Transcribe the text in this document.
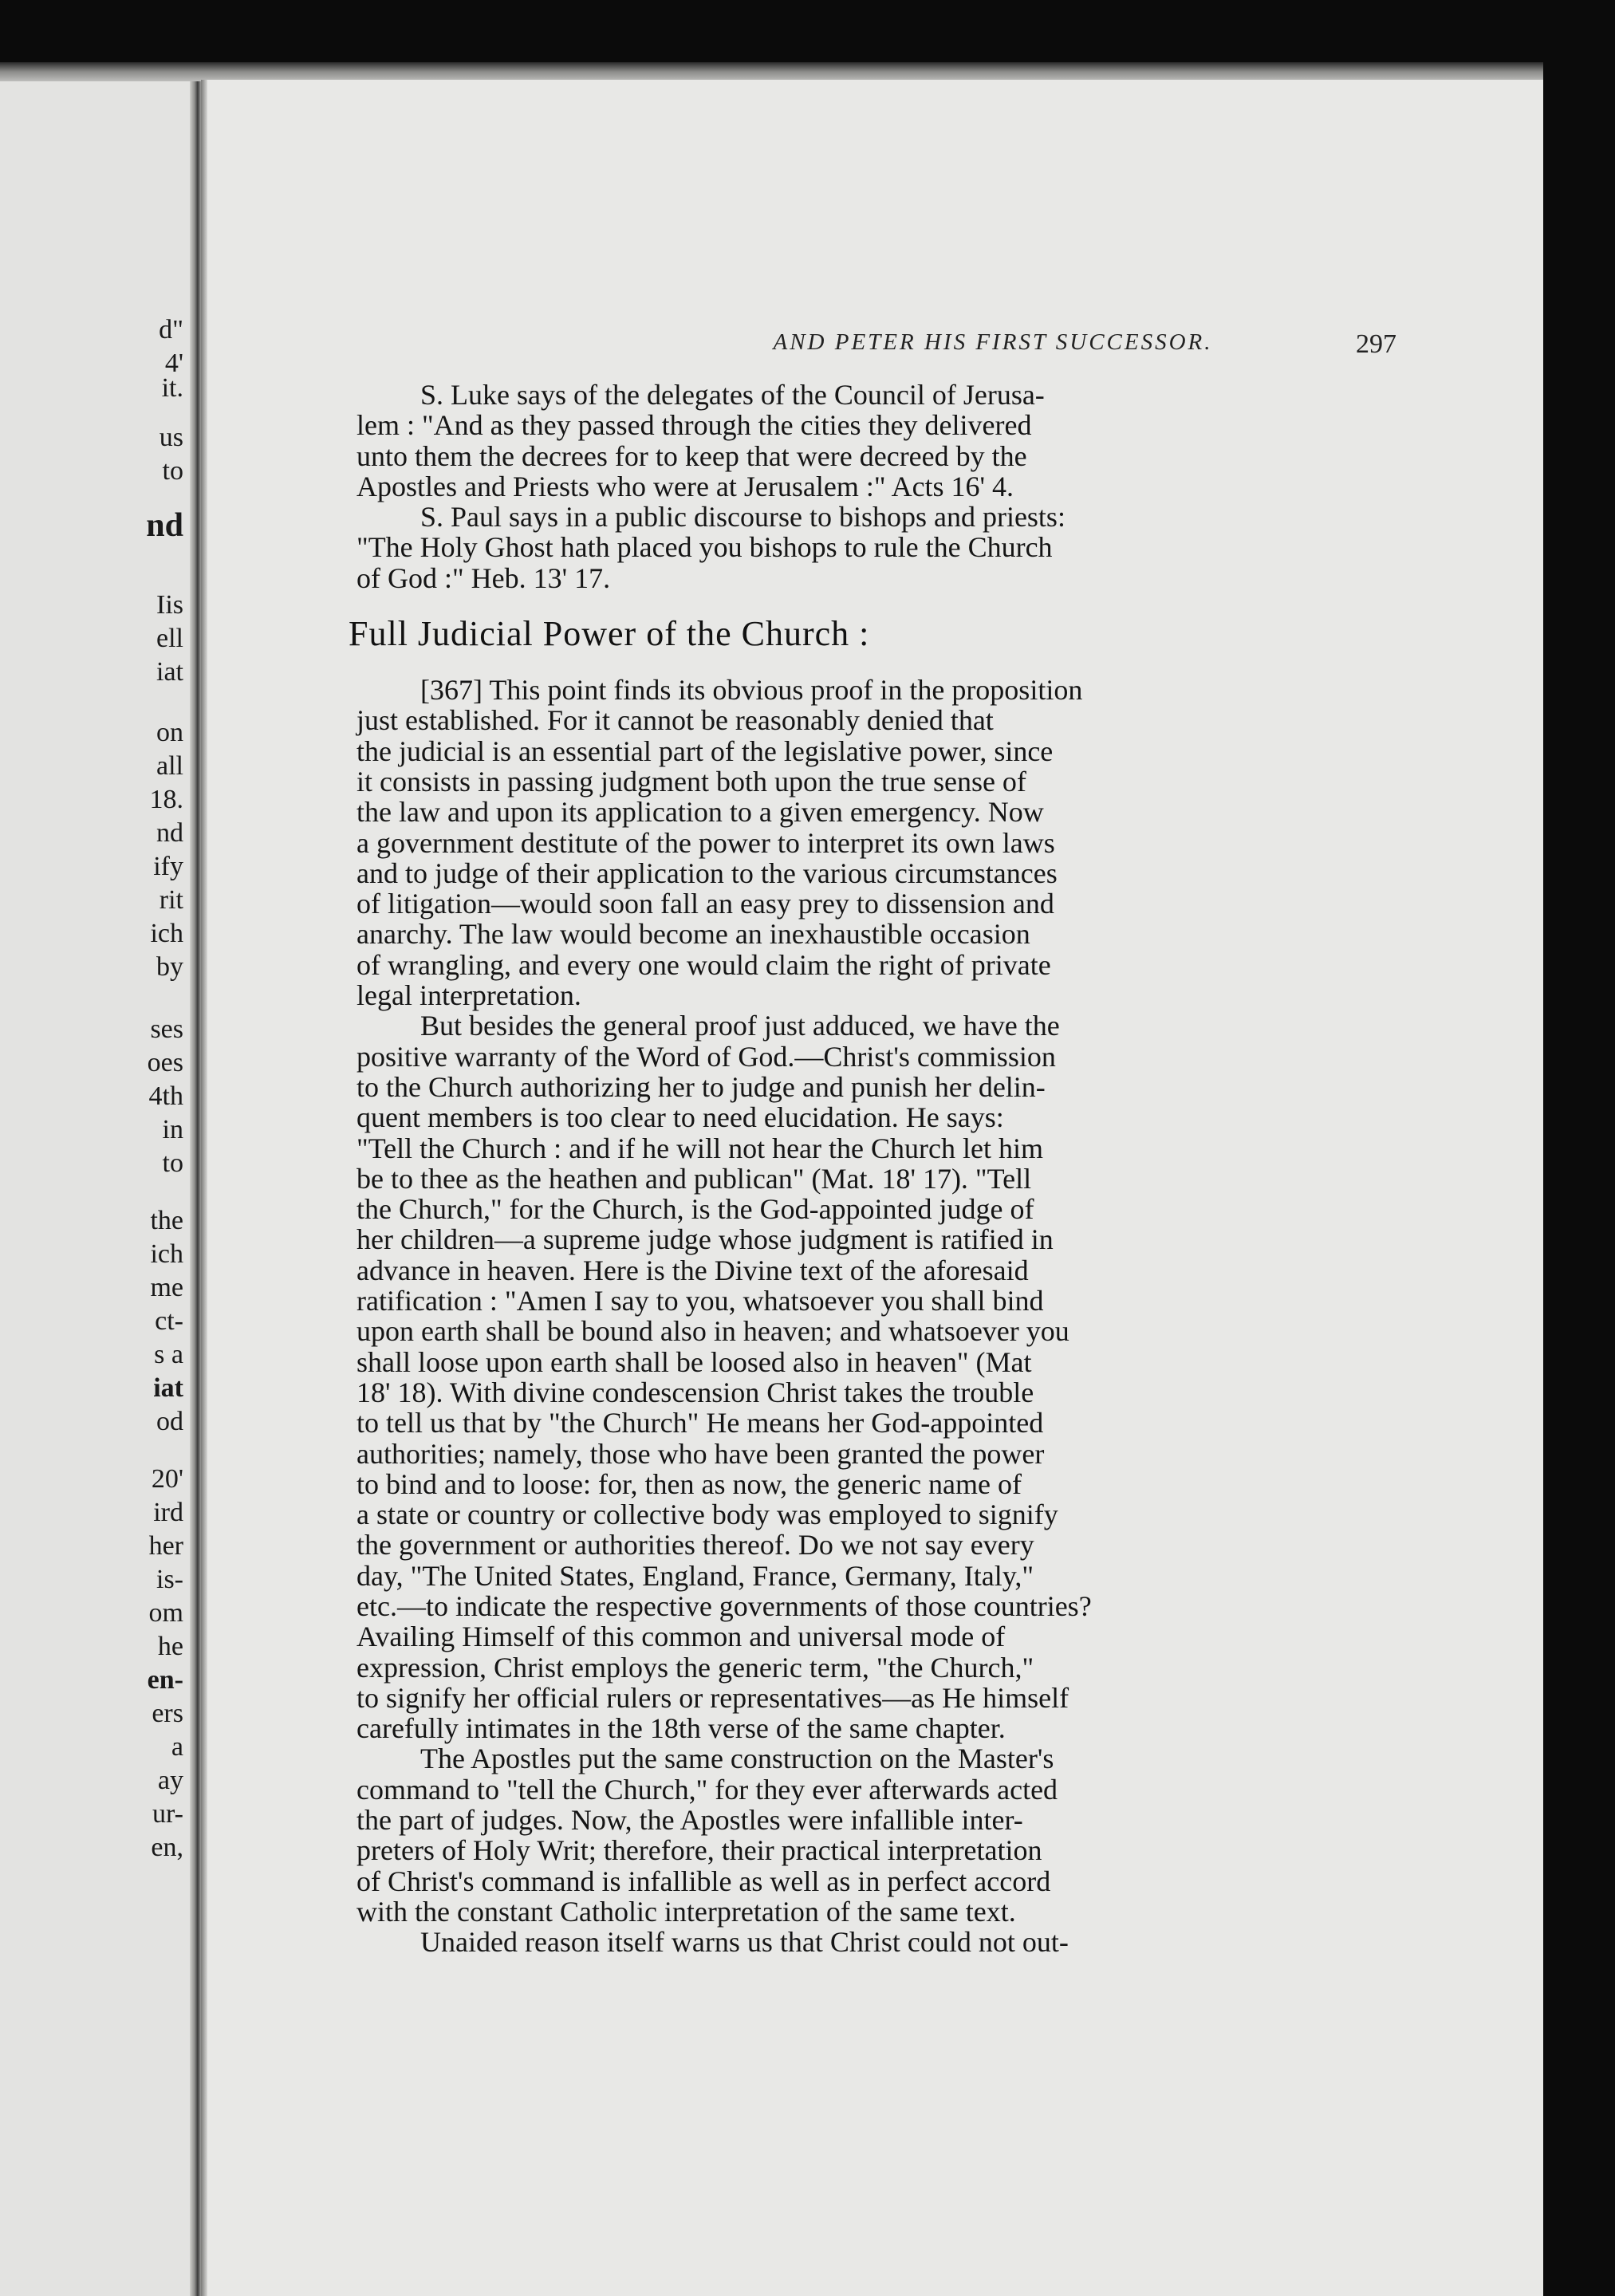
d"
4'
it.
us
to
nd
Iis
ell
iat
on
all
18.
nd
ify
rit
ich
by
ses
oes
4th
in
to
the
ich
me
ct-
s a
iat
od
20'
ird
her
is-
om
he
en-
ers
a
ay
ur-
en,
AND PETER HIS FIRST SUCCESSOR.	297
S. Luke says of the delegates of the Council of Jerusa-
lem : "And as they passed through the cities they delivered
unto them the decrees for to keep that were decreed by the
Apostles and Priests who were at Jerusalem :" Acts 16' 4.
S. Paul says in a public discourse to bishops and priests:
"The Holy Ghost hath placed you bishops to rule the Church
of God :" Heb. 13' 17.
Full Judicial Power of the Church :
[367] This point finds its obvious proof in the proposition
just established. For it cannot be reasonably denied that
the judicial is an essential part of the legislative power, since
it consists in passing judgment both upon the true sense of
the law and upon its application to a given emergency. Now
a government destitute of the power to interpret its own laws
and to judge of their application to the various circumstances
of litigation—would soon fall an easy prey to dissension and
anarchy. The law would become an inexhaustible occasion
of wrangling, and every one would claim the right of private
legal interpretation.
But besides the general proof just adduced, we have the
positive warranty of the Word of God.—Christ's commission
to the Church authorizing her to judge and punish her delin-
quent members is too clear to need elucidation. He says:
"Tell the Church : and if he will not hear the Church let him
be to thee as the heathen and publican" (Mat. 18' 17). "Tell
the Church," for the Church, is the God-appointed judge of
her children—a supreme judge whose judgment is ratified in
advance in heaven. Here is the Divine text of the aforesaid
ratification : "Amen I say to you, whatsoever you shall bind
upon earth shall be bound also in heaven; and whatsoever you
shall loose upon earth shall be loosed also in heaven" (Mat
18' 18). With divine condescension Christ takes the trouble
to tell us that by "the Church" He means her God-appointed
authorities; namely, those who have been granted the power
to bind and to loose: for, then as now, the generic name of
a state or country or collective body was employed to signify
the government or authorities thereof. Do we not say every
day, "The United States, England, France, Germany, Italy,"
etc.—to indicate the respective governments of those countries?
Availing Himself of this common and universal mode of
expression, Christ employs the generic term, "the Church,"
to signify her official rulers or representatives—as He himself
carefully intimates in the 18th verse of the same chapter.
The Apostles put the same construction on the Master's
command to "tell the Church," for they ever afterwards acted
the part of judges. Now, the Apostles were infallible inter-
preters of Holy Writ; therefore, their practical interpretation
of Christ's command is infallible as well as in perfect accord
with the constant Catholic interpretation of the same text.
Unaided reason itself warns us that Christ could not out-
